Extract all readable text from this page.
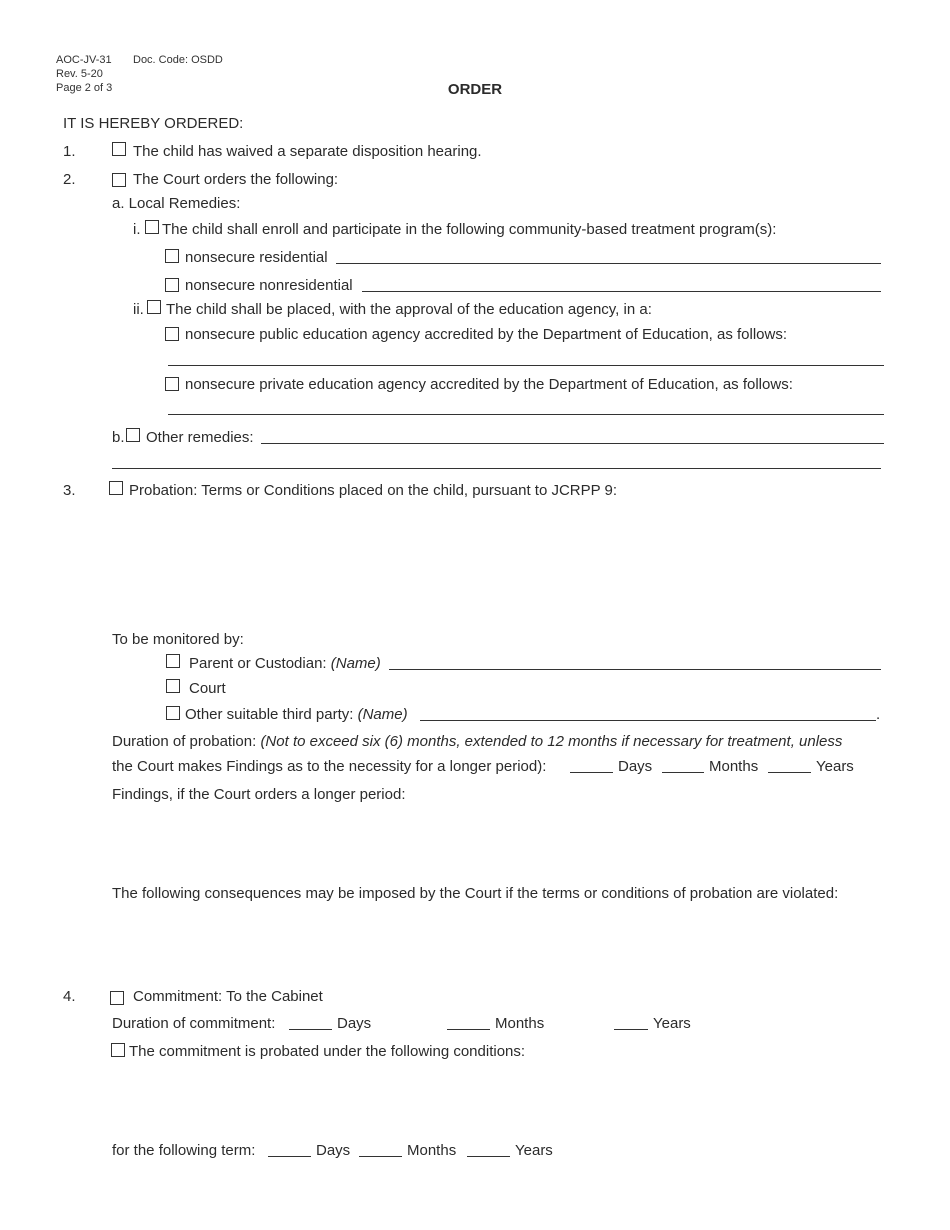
AOC-JV-31 Doc. Code: OSDD
Rev. 5-20
Page 2 of 3	ORDER
IT IS HEREBY ORDERED:
1.	The child has waived a separate disposition hearing.
2.	The Court orders the following:
a. Local Remedies:
i. The child shall enroll and participate in the following community-based treatment program(s):
nonsecure residential
nonsecure nonresidential
ii. The child shall be placed, with the approval of the education agency, in a:
nonsecure public education agency accredited by the Department of Education, as follows:
nonsecure private education agency accredited by the Department of Education, as follows:
b. Other remedies:
3.	Probation: Terms or Conditions placed on the child, pursuant to JCRPP 9:
To be monitored by:
Parent or Custodian: (Name)
Court
Other suitable third party: (Name)	.
Duration of probation: (Not to exceed six (6) months, extended to 12 months if necessary for treatment, unless
the Court makes Findings as to the necessity for a longer period):	Days	Months	Years
Findings, if the Court orders a longer period:
The following consequences may be imposed by the Court if the terms or conditions of probation are violated:
4.	Commitment: To the Cabinet
Duration of commitment:	Days	Months	Years
The commitment is probated under the following conditions:
for the following term:	Days	Months	Years
